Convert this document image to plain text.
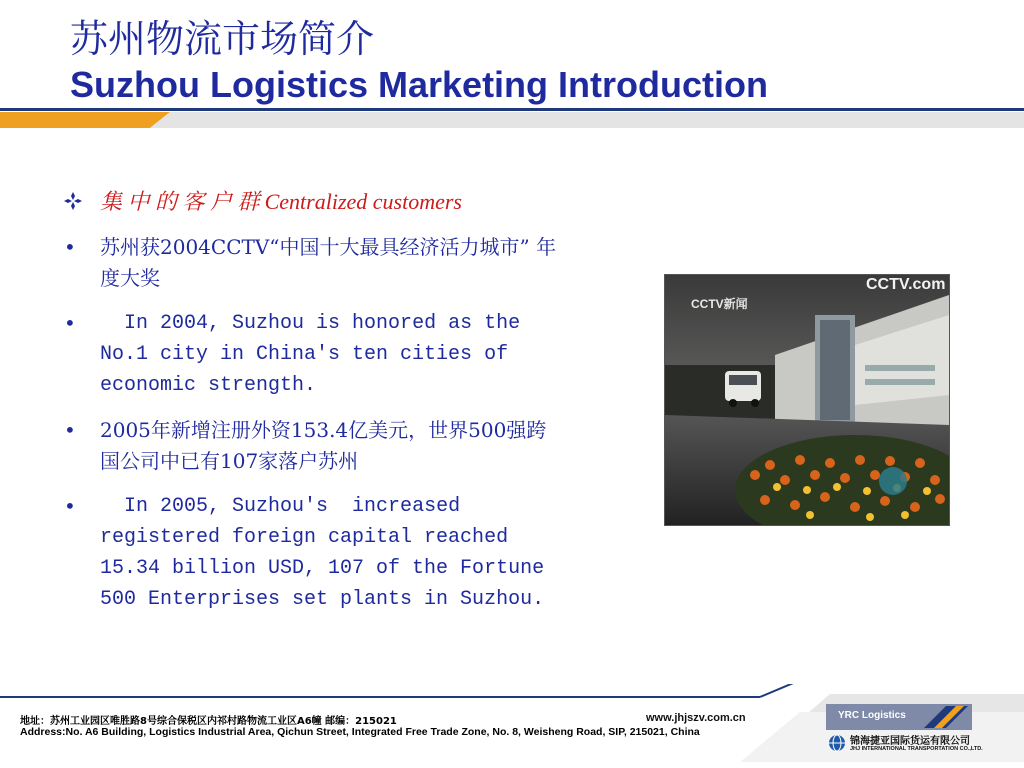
苏州物流市场简介
Suzhou Logistics Marketing Introduction
集 中 的 客 户 群 Centralized customers
• 苏州获2004CCTV“中国十大最具经济活力城市” 年度大奖
• In 2004, Suzhou is honored as the No.1 city in China's ten cities of economic strength.
• 2005年新增注册外资153.4亿美元，世界500强跨国公司中已有107家落户苏州
• In 2005, Suzhou's  increased registered foreign capital reached 15.34 billion USD, 107 of the Fortune 500 Enterprises set plants in Suzhou.
CCTV新闻
CCTV.com
地址：苏州工业园区唯胜路8号综合保税区内祁村路物流工业区A6幢 邮编：215021	www.jhjszv.com.cn
Address:No. A6 Building, Logistics Industrial Area, Qichun Street, Integrated Free Trade Zone, No. 8, Weisheng Road, SIP, 215021, China
YRC Logistics
锦海捷亚国际货运有限公司
JHJ INTERNATIONAL TRANSPORTATION CO.,LTD.
